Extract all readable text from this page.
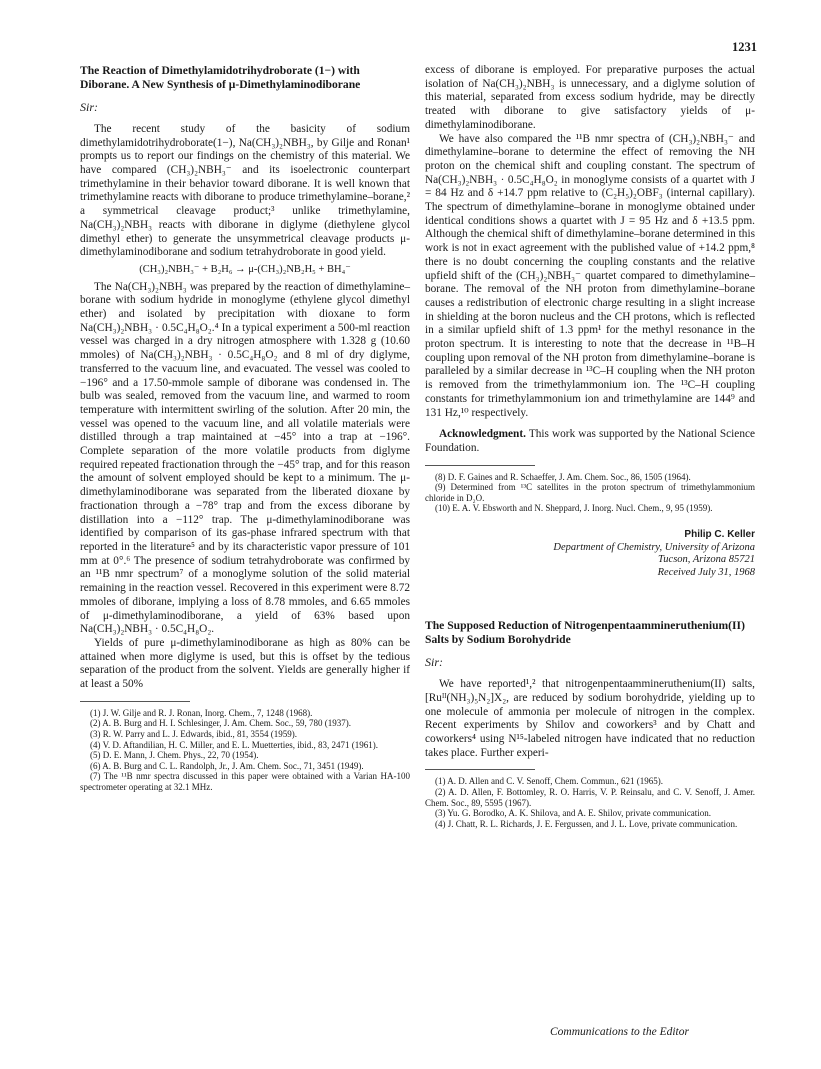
1231

The Reaction of Dimethylamidotrihydroborate (1−) with Diborane. A New Synthesis of μ-Dimethylaminodiborane

Sir:

The recent study of the basicity of sodium dimethylamidotrihydroborate(1−), Na(CH₃)₂NBH₃, by Gilje and Ronan¹ prompts us to report our findings on the chemistry of this material. We have compared (CH₃)₂NBH₃⁻ and its isoelectronic counterpart trimethylamine in their behavior toward diborane. It is well known that trimethylamine reacts with diborane to produce trimethylamine–borane,² a symmetrical cleavage product;³ unlike trimethylamine, Na(CH₃)₂NBH₃ reacts with diborane in diglyme (diethylene glycol dimethyl ether) to generate the unsymmetrical cleavage products μ-dimethylaminodiborane and sodium tetrahydroborate in good yield.

(CH₃)₂NBH₃⁻ + B₂H₆ → μ-(CH₃)₂NB₂H₅ + BH₄⁻

The Na(CH₃)₂NBH₃ was prepared by the reaction of dimethylamine–borane with sodium hydride in monoglyme (ethylene glycol dimethyl ether) and isolated by precipitation with dioxane to form Na(CH₃)₂NBH₃ · 0.5C₄H₈O₂.⁴ In a typical experiment a 500-ml reaction vessel was charged in a dry nitrogen atmosphere with 1.328 g (10.60 mmoles) of Na(CH₃)₂NBH₃ · 0.5C₄H₈O₂ and 8 ml of dry diglyme, transferred to the vacuum line, and evacuated. The vessel was cooled to −196° and a 17.50-mmole sample of diborane was condensed in. The bulb was sealed, removed from the vacuum line, and warmed to room temperature with intermittent swirling of the solution. After 20 min, the vessel was opened to the vacuum line, and all volatile materials were distilled through a trap maintained at −45° into a trap at −196°. Complete separation of the more volatile products from diglyme required repeated fractionation through the −45° trap, and for this reason the amount of solvent employed should be kept to a minimum. The μ-dimethylaminodiborane was separated from the liberated dioxane by fractionation through a −78° trap and from the excess diborane by distillation into a −112° trap. The μ-dimethylaminodiborane was identified by comparison of its gas-phase infrared spectrum with that reported in the literature⁵ and by its characteristic vapor pressure of 101 mm at 0°.⁶ The presence of sodium tetrahydroborate was confirmed by an ¹¹B nmr spectrum⁷ of a monoglyme solution of the solid material remaining in the reaction vessel. Recovered in this experiment were 8.72 mmoles of diborane, implying a loss of 8.78 mmoles, and 6.65 mmoles of μ-dimethylaminodiborane, a yield of 63% based upon Na(CH₃)₂NBH₃ · 0.5C₄H₈O₂.

Yields of pure μ-dimethylaminodiborane as high as 80% can be attained when more diglyme is used, but this is offset by the tedious separation of the product from the solvent. Yields are generally higher if at least a 50%

(1) J. W. Gilje and R. J. Ronan, Inorg. Chem., 7, 1248 (1968).
(2) A. B. Burg and H. I. Schlesinger, J. Am. Chem. Soc., 59, 780 (1937).
(3) R. W. Parry and L. J. Edwards, ibid., 81, 3554 (1959).
(4) V. D. Aftandilian, H. C. Miller, and E. L. Muetterties, ibid., 83, 2471 (1961).
(5) D. E. Mann, J. Chem. Phys., 22, 70 (1954).
(6) A. B. Burg and C. L. Randolph, Jr., J. Am. Chem. Soc., 71, 3451 (1949).
(7) The ¹¹B nmr spectra discussed in this paper were obtained with a Varian HA-100 spectrometer operating at 32.1 MHz.

excess of diborane is employed. For preparative purposes the actual isolation of Na(CH₃)₂NBH₃ is unnecessary, and a diglyme solution of this material, separated from excess sodium hydride, may be directly treated with diborane to give satisfactory yields of μ-dimethylaminodiborane.

We have also compared the ¹¹B nmr spectra of (CH₃)₂NBH₃⁻ and dimethylamine–borane to determine the effect of removing the NH proton on the chemical shift and coupling constant. The spectrum of Na(CH₃)₂NBH₃ · 0.5C₄H₈O₂ in monoglyme consists of a quartet with J = 84 Hz and δ +14.7 ppm relative to (C₂H₅)₂OBF₃ (internal capillary). The spectrum of dimethylamine–borane in monoglyme obtained under identical conditions shows a quartet with J = 95 Hz and δ +13.5 ppm. Although the chemical shift of dimethylamine–borane determined in this work is not in exact agreement with the published value of +14.2 ppm,⁸ there is no doubt concerning the coupling constants and the relative upfield shift of the (CH₃)₂NBH₃⁻ quartet compared to dimethylamine–borane. The removal of the NH proton from dimethylamine–borane causes a redistribution of electronic charge resulting in a slight increase in shielding at the boron nucleus and the CH protons, which is reflected in a similar upfield shift of 1.3 ppm¹ for the methyl resonance in the proton spectrum. It is interesting to note that the decrease in ¹¹B–H coupling upon removal of the NH proton from dimethylamine–borane is paralleled by a similar decrease in ¹³C–H coupling when the NH proton is removed from the trimethylammonium ion. The ¹³C–H coupling constants for trimethylammonium ion and trimethylamine are 144⁹ and 131 Hz,¹⁰ respectively.

Acknowledgment. This work was supported by the National Science Foundation.

(8) D. F. Gaines and R. Schaeffer, J. Am. Chem. Soc., 86, 1505 (1964).
(9) Determined from ¹³C satellites in the proton spectrum of trimethylammonium chloride in D₂O.
(10) E. A. V. Ebsworth and N. Sheppard, J. Inorg. Nucl. Chem., 9, 95 (1959).
Philip C. Keller
Department of Chemistry, University of Arizona
Tucson, Arizona 85721
Received July 31, 1968

The Supposed Reduction of Nitrogenpentaammineruthenium(II) Salts by Sodium Borohydride

Sir:

We have reported¹,² that nitrogenpentaammineruthenium(II) salts, [Ruᴵᴵ(NH₃)₅N₂]X₂, are reduced by sodium borohydride, yielding up to one molecule of ammonia per molecule of nitrogen in the complex. Recent experiments by Shilov and coworkers³ and by Chatt and coworkers⁴ using N¹⁵-labeled nitrogen have indicated that no reduction takes place. Further experi-

(1) A. D. Allen and C. V. Senoff, Chem. Commun., 621 (1965).
(2) A. D. Allen, F. Bottomley, R. O. Harris, V. P. Reinsalu, and C. V. Senoff, J. Amer. Chem. Soc., 89, 5595 (1967).
(3) Yu. G. Borodko, A. K. Shilova, and A. E. Shilov, private communication.
(4) J. Chatt, R. L. Richards, J. E. Fergussen, and J. L. Love, private communication.
Communications to the Editor
